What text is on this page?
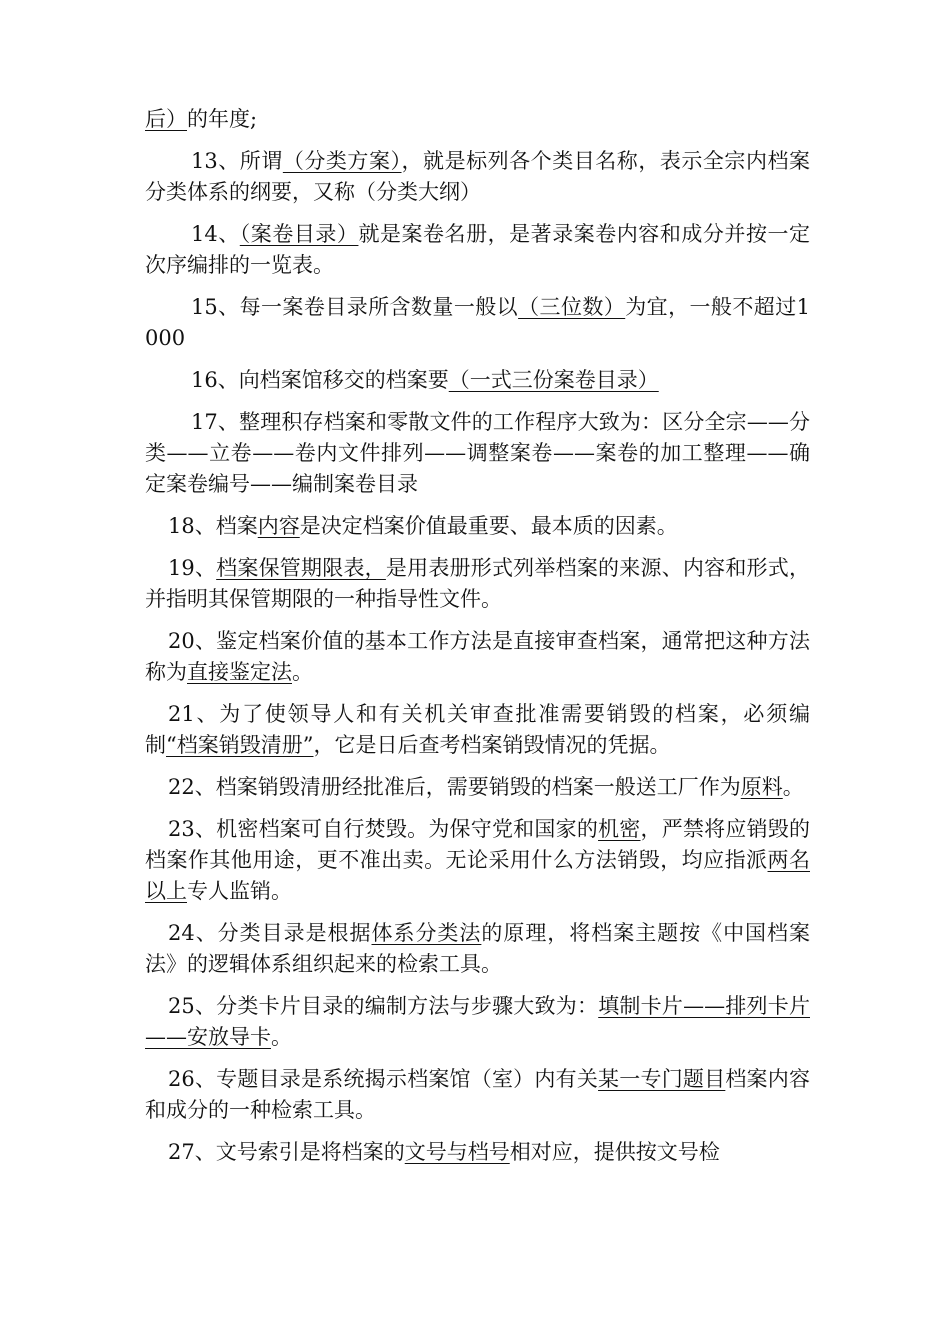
后）的年度;

13、所谓（分类方案），就是标列各个类目名称，表示全宗内档案分类体系的纲要，又称（分类大纲）

14、（案卷目录）就是案卷名册，是著录案卷内容和成分并按一定次序编排的一览表。

15、每一案卷目录所含数量一般以（三位数）为宜，一般不超过1000

16、向档案馆移交的档案要（一式三份案卷目录）

17、整理积存档案和零散文件的工作程序大致为：区分全宗——分类——立卷——卷内文件排列——调整案卷——案卷的加工整理——确定案卷编号——编制案卷目录

18、档案内容是决定档案价值最重要、最本质的因素。

19、档案保管期限表，是用表册形式列举档案的来源、内容和形式，并指明其保管期限的一种指导性文件。

20、鉴定档案价值的基本工作方法是直接审查档案，通常把这种方法称为直接鉴定法。

21、为了使领导人和有关机关审查批准需要销毁的档案，必须编制“档案销毁清册”，它是日后查考档案销毁情况的凭据。

22、档案销毁清册经批准后，需要销毁的档案一般送工厂作为原料。

23、机密档案可自行焚毁。为保守党和国家的机密，严禁将应销毁的档案作其他用途，更不准出卖。无论采用什么方法销毁，均应指派两名以上专人监销。

24、分类目录是根据体系分类法的原理，将档案主题按《中国档案法》的逻辑体系组织起来的检索工具。

25、分类卡片目录的编制方法与步骤大致为：填制卡片——排列卡片——安放导卡。

26、专题目录是系统揭示档案馆（室）内有关某一专门题目档案内容和成分的一种检索工具。

27、文号索引是将档案的文号与档号相对应，提供按文号检
